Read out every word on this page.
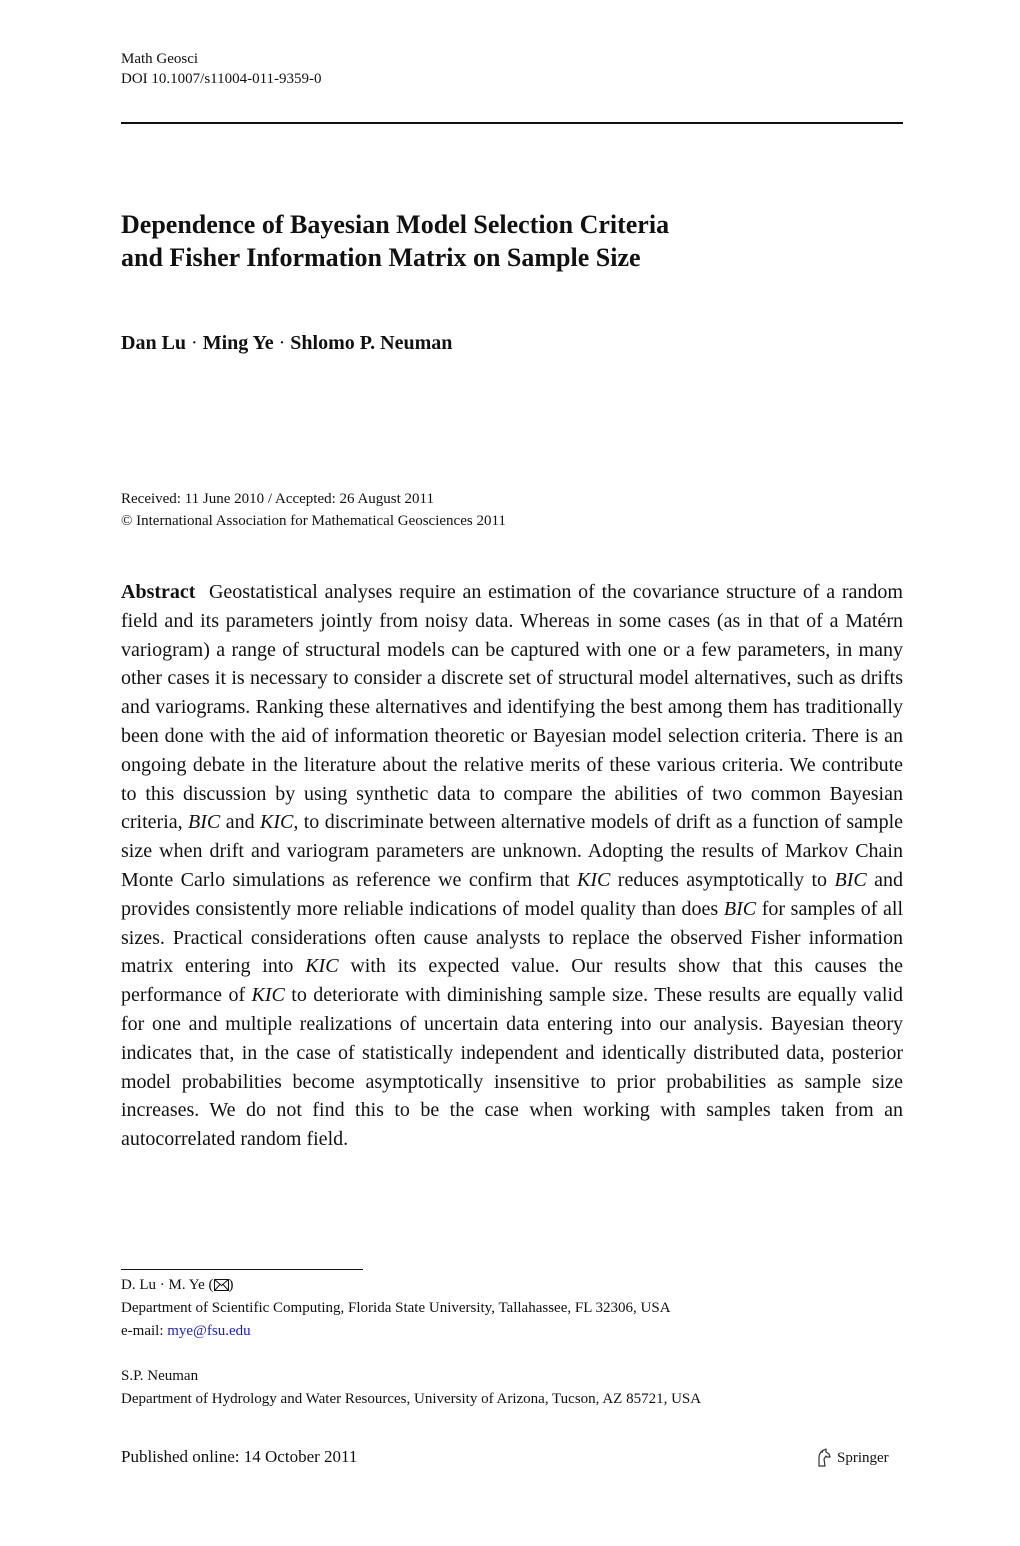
Math Geosci
DOI 10.1007/s11004-011-9359-0
Dependence of Bayesian Model Selection Criteria
and Fisher Information Matrix on Sample Size
Dan Lu · Ming Ye · Shlomo P. Neuman
Received: 11 June 2010 / Accepted: 26 August 2011
© International Association for Mathematical Geosciences 2011
Abstract Geostatistical analyses require an estimation of the covariance structure of a random field and its parameters jointly from noisy data. Whereas in some cases (as in that of a Matérn variogram) a range of structural models can be captured with one or a few parameters, in many other cases it is necessary to consider a discrete set of structural model alternatives, such as drifts and variograms. Ranking these alternatives and identifying the best among them has traditionally been done with the aid of information theoretic or Bayesian model selection criteria. There is an ongoing debate in the literature about the relative merits of these various criteria. We contribute to this discussion by using synthetic data to compare the abilities of two common Bayesian criteria, BIC and KIC, to discriminate between alternative models of drift as a function of sample size when drift and variogram parameters are unknown. Adopting the results of Markov Chain Monte Carlo simulations as reference we confirm that KIC reduces asymptotically to BIC and provides consistently more reliable indications of model quality than does BIC for samples of all sizes. Practical considerations often cause analysts to replace the observed Fisher information matrix entering into KIC with its expected value. Our results show that this causes the performance of KIC to deteriorate with diminishing sample size. These results are equally valid for one and multiple realizations of uncertain data entering into our analysis. Bayesian theory indicates that, in the case of statistically independent and identically distributed data, posterior model probabilities become asymptotically insensitive to prior probabilities as sample size increases. We do not find this to be the case when working with samples taken from an autocorrelated random field.
D. Lu · M. Ye ( )
Department of Scientific Computing, Florida State University, Tallahassee, FL 32306, USA
e-mail: mye@fsu.edu
S.P. Neuman
Department of Hydrology and Water Resources, University of Arizona, Tucson, AZ 85721, USA
Published online: 14 October 2011	Springer
